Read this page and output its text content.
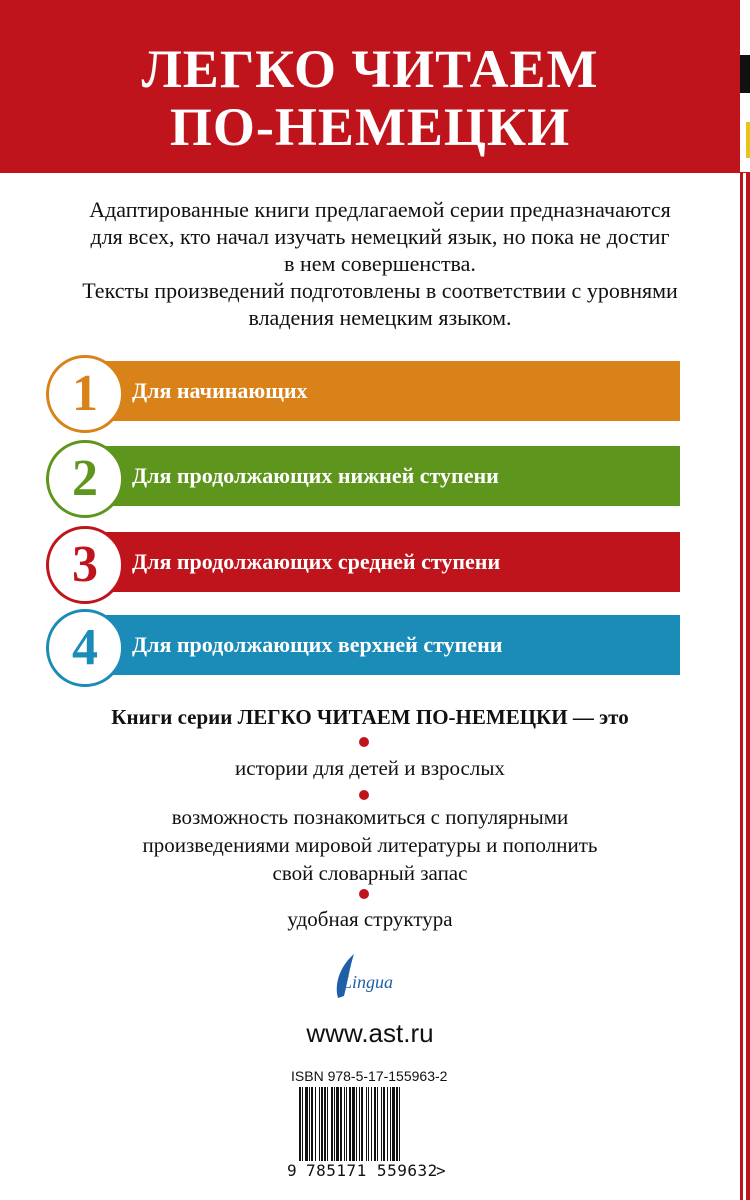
ЛЕГКО ЧИТАЕМ
ПО-НЕМЕЦКИ

Адаптированные книги предлагаемой серии предназначаются

для всех, кто начал изучать немецкий язык, но пока не достиг

в нем совершенства.

Тексты произведений подготовлены в соответствии с уровнями

владения немецким языком.

1	Для начинающих
2	Для продолжающих нижней ступени
3	Для продолжающих средней ступени
4	Для продолжающих верхней ступени
Книги серии ЛЕГКО ЧИТАЕМ ПО-НЕМЕЦКИ — это

истории для детей и взрослых

возможность познакомиться с популярными

произведениями мировой литературы и пополнить

свой словарный запас

удобная структура

Lingua
www.ast.ru
ISBN 978-5-17-155963-2
9 785171 559632
>
